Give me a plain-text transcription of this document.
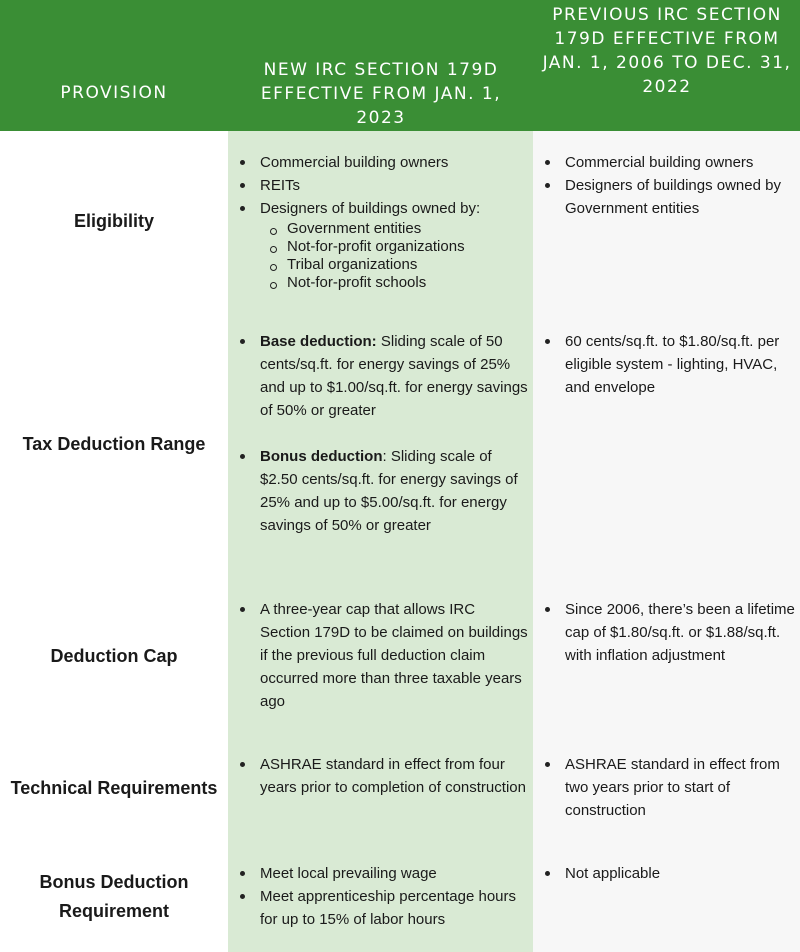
PROVISION
NEW IRC SECTION 179D EFFECTIVE FROM JAN. 1, 2023
PREVIOUS IRC SECTION 179D EFFECTIVE FROM JAN. 1, 2006 TO DEC. 31, 2022
Eligibility
Commercial building owners
REITs
Designers of buildings owned by:
Government entities
Not-for-profit organizations
Tribal organizations
Not-for-profit schools
Commercial building owners
Designers of buildings owned by Government entities
Tax Deduction Range
Base deduction: Sliding scale of 50 cents/sq.ft. for energy savings of 25% and up to $1.00/sq.ft. for energy savings of 50% or greater
Bonus deduction: Sliding scale of $2.50 cents/sq.ft. for energy savings of 25% and up to $5.00/sq.ft. for energy savings of 50% or greater
60 cents/sq.ft. to $1.80/sq.ft. per eligible system - lighting, HVAC, and envelope
Deduction Cap
A three-year cap that allows IRC Section 179D to be claimed on buildings if the previous full deduction claim occurred more than three taxable years ago
Since 2006, there’s been a lifetime cap of $1.80/sq.ft. or $1.88/sq.ft. with inflation adjustment
Technical Requirements
ASHRAE standard in effect from four years prior to completion of construction
ASHRAE standard in effect from two years prior to start of construction
Bonus Deduction Requirement
Meet local prevailing wage
Meet apprenticeship percentage hours for up to 15% of labor hours
Not applicable
